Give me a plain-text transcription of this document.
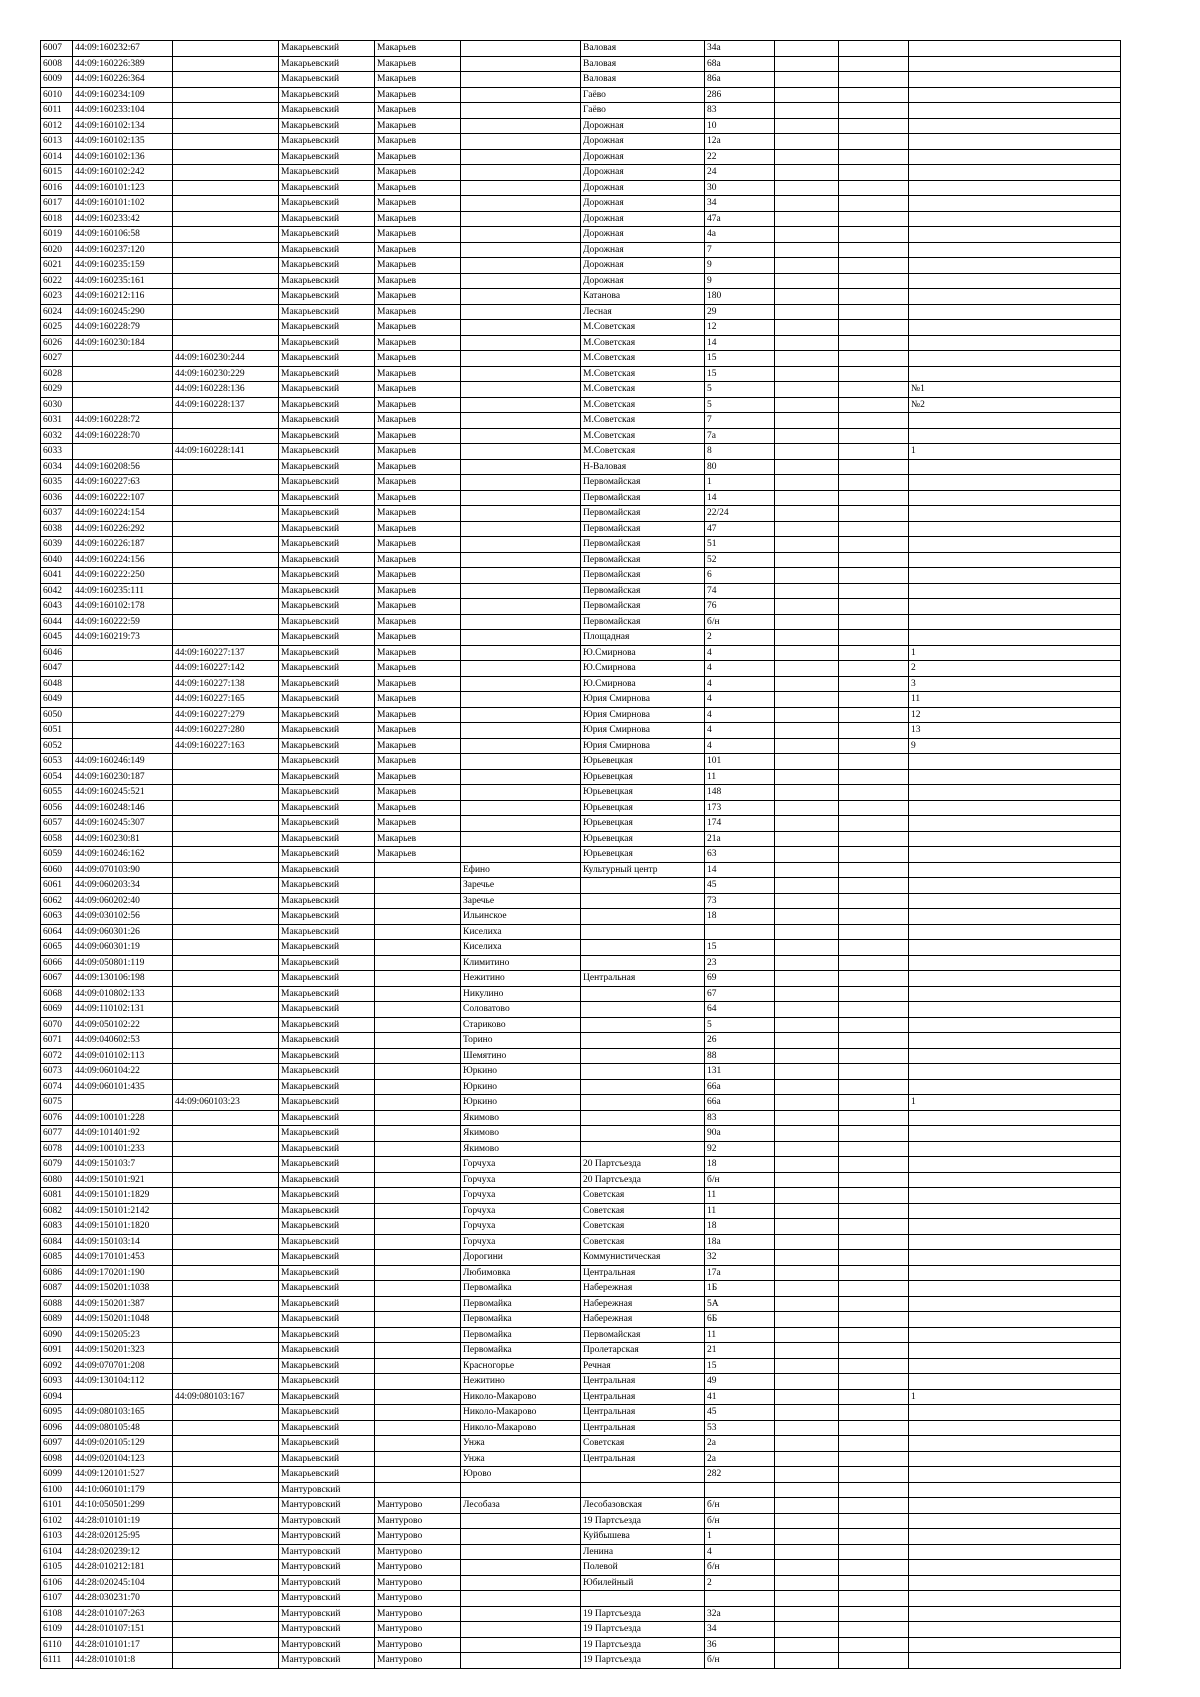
6007	44:09:160232:67		Макарьевский	Макарьев		Валовая	34а			
6008	44:09:160226:389		Макарьевский	Макарьев		Валовая	68а			
6009	44:09:160226:364		Макарьевский	Макарьев		Валовая	86а			
6010	44:09:160234:109		Макарьевский	Макарьев		Гаёво	286			
6011	44:09:160233:104		Макарьевский	Макарьев		Гаёво	83			
6012	44:09:160102:134		Макарьевский	Макарьев		Дорожная	10			
6013	44:09:160102:135		Макарьевский	Макарьев		Дорожная	12а			
6014	44:09:160102:136		Макарьевский	Макарьев		Дорожная	22			
6015	44:09:160102:242		Макарьевский	Макарьев		Дорожная	24			
6016	44:09:160101:123		Макарьевский	Макарьев		Дорожная	30			
6017	44:09:160101:102		Макарьевский	Макарьев		Дорожная	34			
6018	44:09:160233:42		Макарьевский	Макарьев		Дорожная	47а			
6019	44:09:160106:58		Макарьевский	Макарьев		Дорожная	4а			
6020	44:09:160237:120		Макарьевский	Макарьев		Дорожная	7			
6021	44:09:160235:159		Макарьевский	Макарьев		Дорожная	9			
6022	44:09:160235:161		Макарьевский	Макарьев		Дорожная	9			
6023	44:09:160212:116		Макарьевский	Макарьев		Катанова	180			
6024	44:09:160245:290		Макарьевский	Макарьев		Лесная	29			
6025	44:09:160228:79		Макарьевский	Макарьев		М.Советская	12			
6026	44:09:160230:184		Макарьевский	Макарьев		М.Советская	14			
6027		44:09:160230:244	Макарьевский	Макарьев		М.Советская	15			
6028		44:09:160230:229	Макарьевский	Макарьев		М.Советская	15			
6029		44:09:160228:136	Макарьевский	Макарьев		М.Советская	5			№1
6030		44:09:160228:137	Макарьевский	Макарьев		М.Советская	5			№2
6031	44:09:160228:72		Макарьевский	Макарьев		М.Советская	7			
6032	44:09:160228:70		Макарьевский	Макарьев		М.Советская	7а			
6033		44:09:160228:141	Макарьевский	Макарьев		М.Советская	8			1
6034	44:09:160208:56		Макарьевский	Макарьев		Н-Валовая	80			
6035	44:09:160227:63		Макарьевский	Макарьев		Первомайская	1			
6036	44:09:160222:107		Макарьевский	Макарьев		Первомайская	14			
6037	44:09:160224:154		Макарьевский	Макарьев		Первомайская	22/24			
6038	44:09:160226:292		Макарьевский	Макарьев		Первомайская	47			
6039	44:09:160226:187		Макарьевский	Макарьев		Первомайская	51			
6040	44:09:160224:156		Макарьевский	Макарьев		Первомайская	52			
6041	44:09:160222:250		Макарьевский	Макарьев		Первомайская	6			
6042	44:09:160235:111		Макарьевский	Макарьев		Первомайская	74			
6043	44:09:160102:178		Макарьевский	Макарьев		Первомайская	76			
6044	44:09:160222:59		Макарьевский	Макарьев		Первомайская	б/н			
6045	44:09:160219:73		Макарьевский	Макарьев		Площадная	2			
6046		44:09:160227:137	Макарьевский	Макарьев		Ю.Смирнова	4			1
6047		44:09:160227:142	Макарьевский	Макарьев		Ю.Смирнова	4			2
6048		44:09:160227:138	Макарьевский	Макарьев		Ю.Смирнова	4			3
6049		44:09:160227:165	Макарьевский	Макарьев		Юрия Смирнова	4			11
6050		44:09:160227:279	Макарьевский	Макарьев		Юрия Смирнова	4			12
6051		44:09:160227:280	Макарьевский	Макарьев		Юрия Смирнова	4			13
6052		44:09:160227:163	Макарьевский	Макарьев		Юрия Смирнова	4			9
6053	44:09:160246:149		Макарьевский	Макарьев		Юрьевецкая	101			
6054	44:09:160230:187		Макарьевский	Макарьев		Юрьевецкая	11			
6055	44:09:160245:521		Макарьевский	Макарьев		Юрьевецкая	148			
6056	44:09:160248:146		Макарьевский	Макарьев		Юрьевецкая	173			
6057	44:09:160245:307		Макарьевский	Макарьев		Юрьевецкая	174			
6058	44:09:160230:81		Макарьевский	Макарьев		Юрьевецкая	21а			
6059	44:09:160246:162		Макарьевский	Макарьев		Юрьевецкая	63			
6060	44:09:070103:90		Макарьевский		Ефино	Культурный центр	14			
6061	44:09:060203:34		Макарьевский		Заречье		45			
6062	44:09:060202:40		Макарьевский		Заречье		73			
6063	44:09:030102:56		Макарьевский		Ильинское		18			
6064	44:09:060301:26		Макарьевский		Киселиха					
6065	44:09:060301:19		Макарьевский		Киселиха		15			
6066	44:09:050801:119		Макарьевский		Климитино		23			
6067	44:09:130106:198		Макарьевский		Нежитино	Центральная	69			
6068	44:09:010802:133		Макарьевский		Никулино		67			
6069	44:09:110102:131		Макарьевский		Соловатово		64			
6070	44:09:050102:22		Макарьевский		Стариково		5			
6071	44:09:040602:53		Макарьевский		Торино		26			
6072	44:09:010102:113		Макарьевский		Шемятино		88			
6073	44:09:060104:22		Макарьевский		Юркино		131			
6074	44:09:060101:435		Макарьевский		Юркино		66а			
6075		44:09:060103:23	Макарьевский		Юркино		66а			1
6076	44:09:100101:228		Макарьевский		Якимово		83			
6077	44:09:101401:92		Макарьевский		Якимово		90а			
6078	44:09:100101:233		Макарьевский		Якимово		92			
6079	44:09:150103:7		Макарьевский		Горчуха	20 Партсъезда	18			
6080	44:09:150101:921		Макарьевский		Горчуха	20 Партсъезда	б/н			
6081	44:09:150101:1829		Макарьевский		Горчуха	Советская	11			
6082	44:09:150101:2142		Макарьевский		Горчуха	Советская	11			
6083	44:09:150101:1820		Макарьевский		Горчуха	Советская	18			
6084	44:09:150103:14		Макарьевский		Горчуха	Советская	18а			
6085	44:09:170101:453		Макарьевский		Дорогини	Коммунистическая	32			
6086	44:09:170201:190		Макарьевский		Любимовка	Центральная	17а			
6087	44:09:150201:1038		Макарьевский		Первомайка	Набережная	1Б			
6088	44:09:150201:387		Макарьевский		Первомайка	Набережная	5А			
6089	44:09:150201:1048		Макарьевский		Первомайка	Набережная	6Б			
6090	44:09:150205:23		Макарьевский		Первомайка	Первомайская	11			
6091	44:09:150201:323		Макарьевский		Первомайка	Пролетарская	21			
6092	44:09:070701:208		Макарьевский		Красногорье	Речная	15			
6093	44:09:130104:112		Макарьевский		Нежитино	Центральная	49			
6094		44:09:080103:167	Макарьевский		Николо-Макарово	Центральная	41			1
6095	44:09:080103:165		Макарьевский		Николо-Макарово	Центральная	45			
6096	44:09:080105:48		Макарьевский		Николо-Макарово	Центральная	53			
6097	44:09:020105:129		Макарьевский		Унжа	Советская	2а			
6098	44:09:020104:123		Макарьевский		Унжа	Центральная	2а			
6099	44:09:120101:527		Макарьевский		Юрово		282			
6100	44:10:060101:179		Мантуровский							
6101	44:10:050501:299		Мантуровский	Мантурово	Лесобаза	Лесобазовская	б/н			
6102	44:28:010101:19		Мантуровский	Мантурово		19 Партсъезда	б/н			
6103	44:28:020125:95		Мантуровский	Мантурово		Куйбышева	1			
6104	44:28:020239:12		Мантуровский	Мантурово		Ленина	4			
6105	44:28:010212:181		Мантуровский	Мантурово		Полевой	б/н			
6106	44:28:020245:104		Мантуровский	Мантурово		Юбилейный	2			
6107	44:28:030231:70		Мантуровский	Мантурово						
6108	44:28:010107:263		Мантуровский	Мантурово		19 Партсъезда	32а			
6109	44:28:010107:151		Мантуровский	Мантурово		19 Партсъезда	34			
6110	44:28:010101:17		Мантуровский	Мантурово		19 Партсъезда	36			
6111	44:28:010101:8		Мантуровский	Мантурово		19 Партсъезда	б/н			
